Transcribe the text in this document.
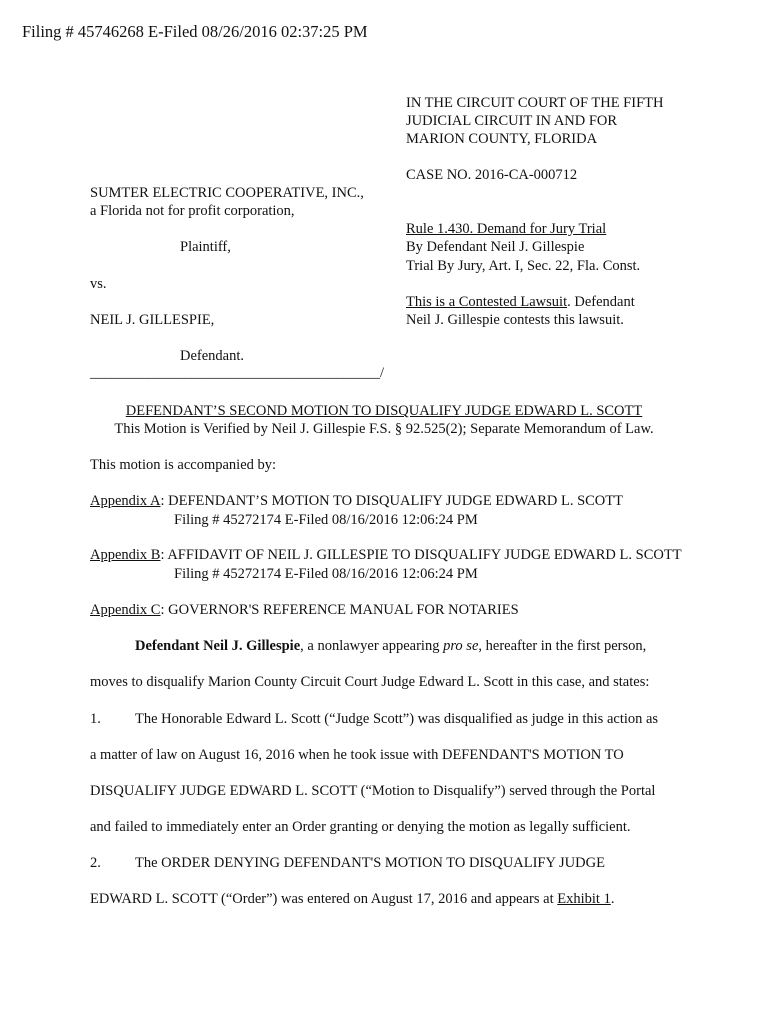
Filing # 45746268 E-Filed 08/26/2016 02:37:25 PM
IN THE CIRCUIT COURT OF THE FIFTH
JUDICIAL CIRCUIT IN AND FOR
MARION COUNTY, FLORIDA
CASE NO. 2016-CA-000712
SUMTER ELECTRIC COOPERATIVE, INC.,
a Florida not for profit corporation,
Plaintiff,
vs.
NEIL J. GILLESPIE,
Defendant.
________________________________________/
Rule 1.430. Demand for Jury Trial
By Defendant Neil J. Gillespie
Trial By Jury, Art. I, Sec. 22, Fla. Const.
This is a Contested Lawsuit. Defendant
Neil J. Gillespie contests this lawsuit.
DEFENDANT’S SECOND MOTION TO DISQUALIFY JUDGE EDWARD L. SCOTT
This Motion is Verified by Neil J. Gillespie F.S. § 92.525(2); Separate Memorandum of Law.
This motion is accompanied by:
Appendix A: DEFENDANT’S MOTION TO DISQUALIFY JUDGE EDWARD L. SCOTT
Filing # 45272174 E-Filed 08/16/2016 12:06:24 PM
Appendix B: AFFIDAVIT OF NEIL J. GILLESPIE TO DISQUALIFY JUDGE EDWARD L. SCOTT
Filing # 45272174 E-Filed 08/16/2016 12:06:24 PM
Appendix C: GOVERNOR'S REFERENCE MANUAL FOR NOTARIES
Defendant Neil J. Gillespie, a nonlawyer appearing pro se, hereafter in the first person,
moves to disqualify Marion County Circuit Court Judge Edward L. Scott in this case, and states:
1. The Honorable Edward L. Scott (“Judge Scott”) was disqualified as judge in this action as
a matter of law on August 16, 2016 when he took issue with DEFENDANT'S MOTION TO
DISQUALIFY JUDGE EDWARD L. SCOTT (“Motion to Disqualify”) served through the Portal
and failed to immediately enter an Order granting or denying the motion as legally sufficient.
2. The ORDER DENYING DEFENDANT'S MOTION TO DISQUALIFY JUDGE
EDWARD L. SCOTT (“Order”) was entered on August 17, 2016 and appears at Exhibit 1.
